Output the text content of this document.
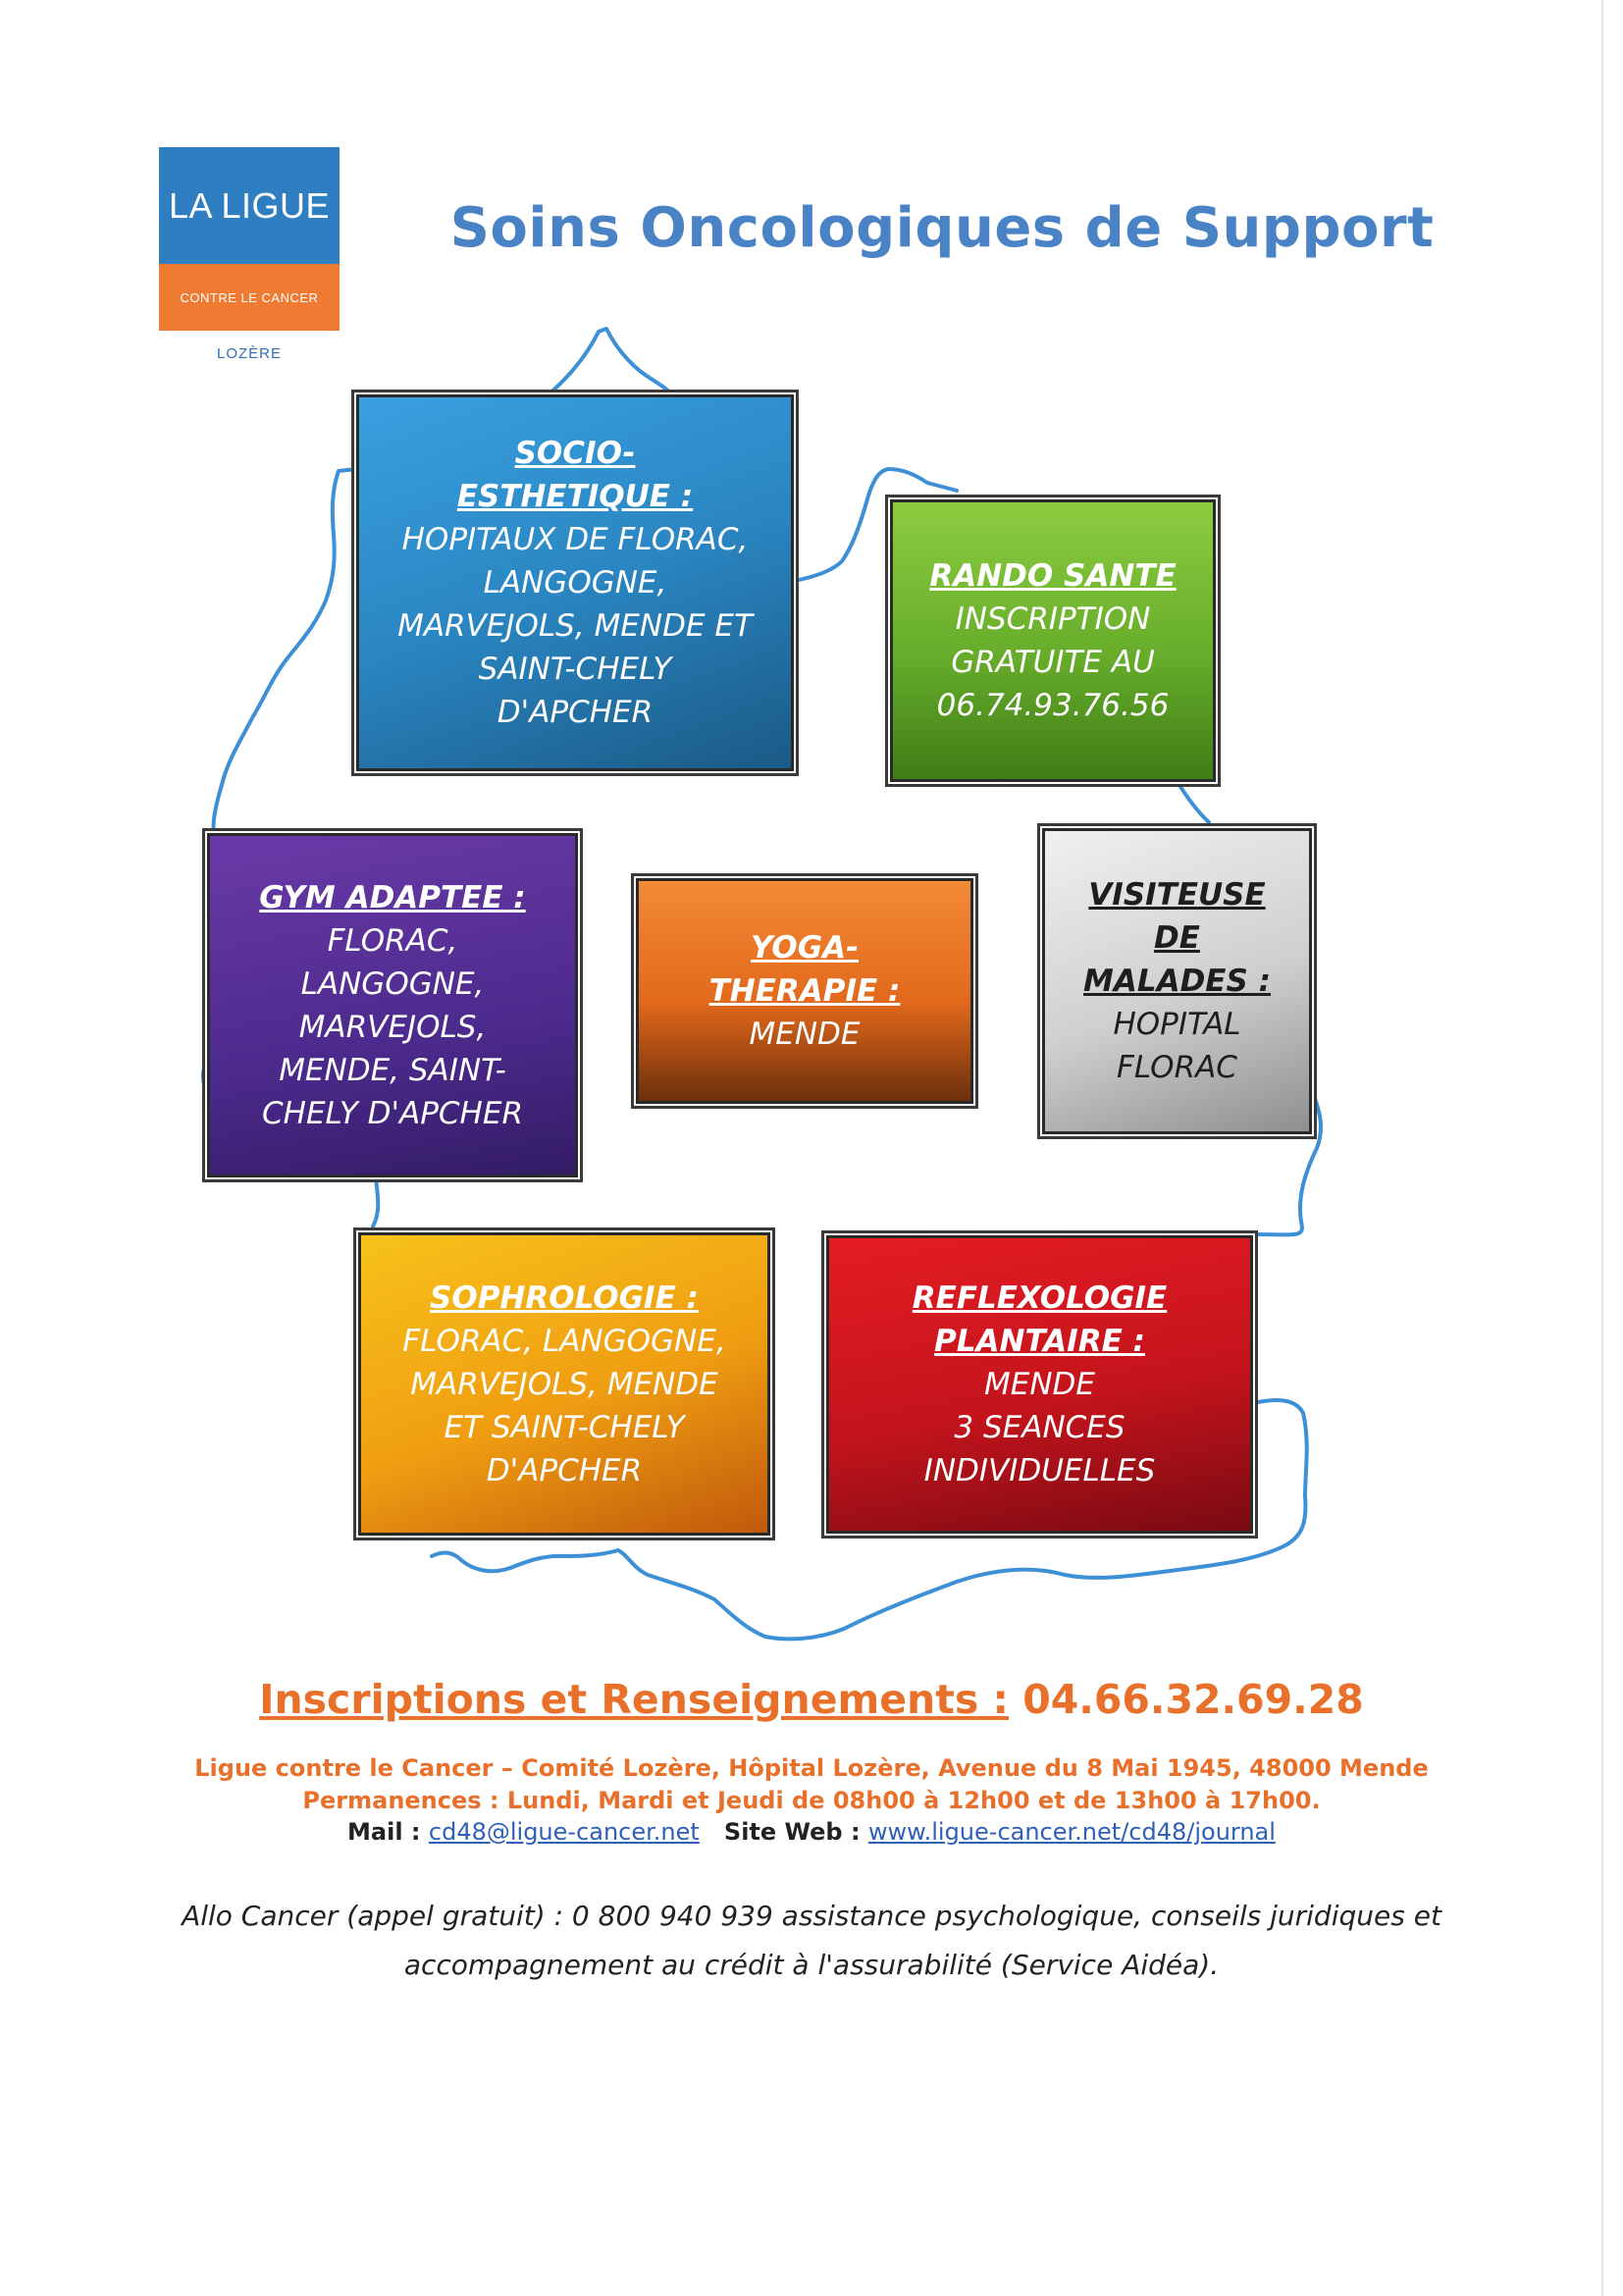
LA LIGUE
CONTRE LE CANCER
LOZÈRE
Soins Oncologiques de Support
SOCIO-
ESTHETIQUE :
HOPITAUX DE FLORAC,
LANGOGNE,
MARVEJOLS, MENDE ET
SAINT-CHELY
D'APCHER
RANDO SANTE
INSCRIPTION
GRATUITE AU
06.74.93.76.56
GYM ADAPTEE :
FLORAC,
LANGOGNE,
MARVEJOLS,
MENDE, SAINT-
CHELY D'APCHER
YOGA-
THERAPIE :
MENDE
VISITEUSE
DE
MALADES :
HOPITAL
FLORAC
SOPHROLOGIE :
FLORAC, LANGOGNE,
MARVEJOLS, MENDE
ET SAINT-CHELY
D'APCHER
REFLEXOLOGIE
PLANTAIRE :
MENDE
3 SEANCES
INDIVIDUELLES
Inscriptions et Renseignements : 04.66.32.69.28
Ligue contre le Cancer – Comité Lozère, Hôpital Lozère, Avenue du 8 Mai 1945, 48000 Mende
Permanences : Lundi, Mardi et Jeudi de 08h00 à 12h00 et de 13h00 à 17h00.
Mail : cd48@ligue-cancer.net Site Web : www.ligue-cancer.net/cd48/journal
Allo Cancer (appel gratuit) : 0 800 940 939 assistance psychologique, conseils juridiques et
accompagnement au crédit à l'assurabilité (Service Aidéa).
